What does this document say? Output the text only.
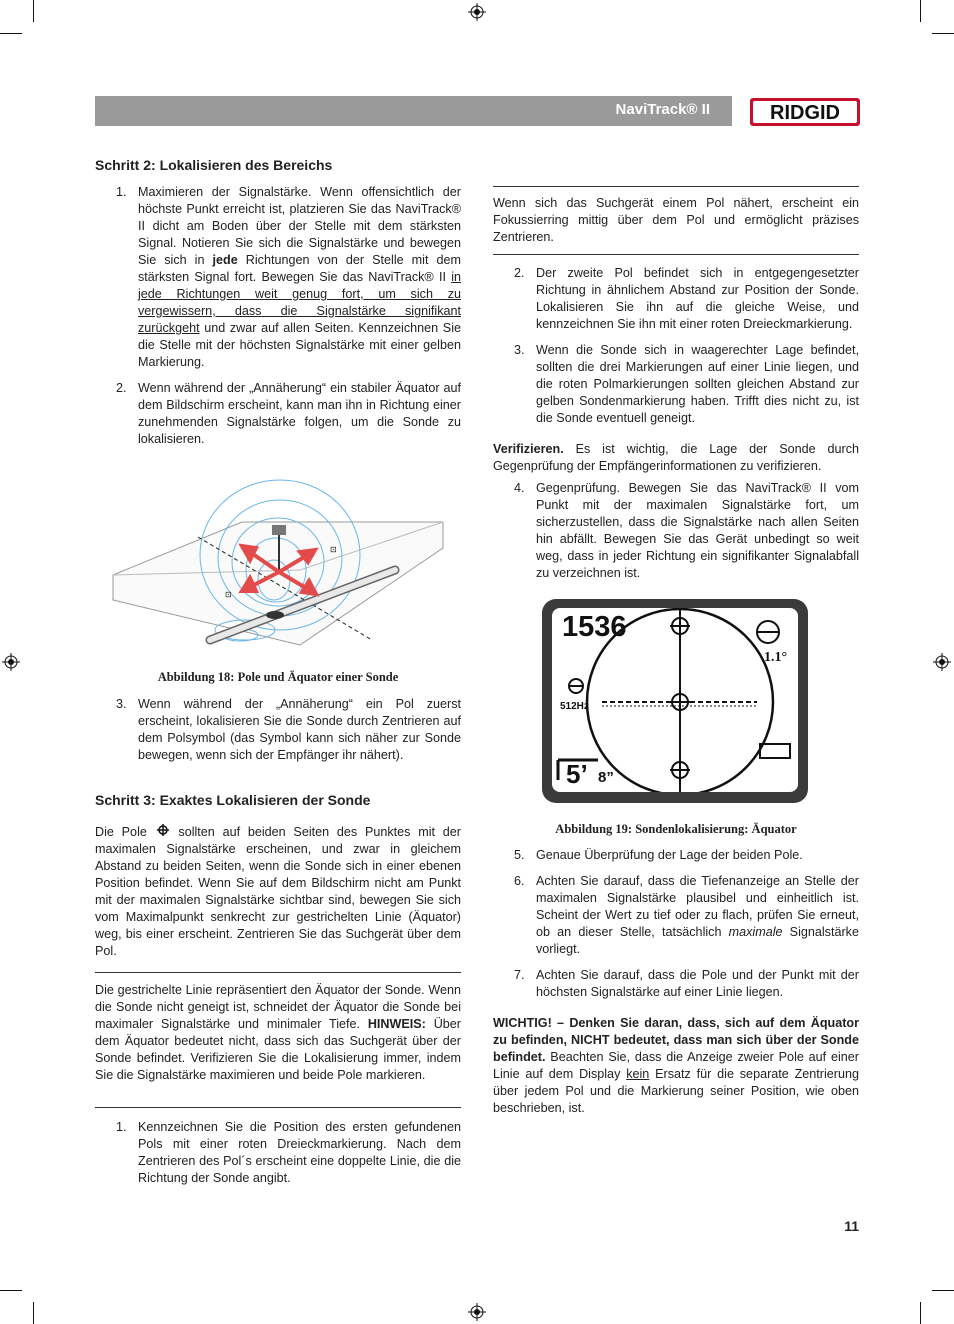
NaviTrack® II	RIDGID
Schritt 2: Lokalisieren des Bereichs
1. Maximieren der Signalstärke. Wenn offensichtlich der höchste Punkt erreicht ist, platzieren Sie das NaviTrack® II dicht am Boden über der Stelle mit dem stärksten Signal. Notieren Sie sich die Signalstärke und bewegen Sie sich in jede Richtungen von der Stelle mit dem stärksten Signal fort. Bewegen Sie das NaviTrack® II in jede Richtungen weit genug fort, um sich zu vergewissern, dass die Signalstärke signifikant zurückgeht und zwar auf allen Seiten. Kennzeichnen Sie die Stelle mit der höchsten Signalstärke mit einer gelben Markierung.
2. Wenn während der „Annäherung“ ein stabiler Äquator auf dem Bildschirm erscheint, kann man ihn in Richtung einer zunehmenden Signalstärke folgen, um die Sonde zu lokalisieren.
⊡
⊡
Abbildung 18: Pole und Äquator einer Sonde
3. Wenn während der „Annäherung“ ein Pol zuerst erscheint, lokalisieren Sie die Sonde durch Zentrieren auf dem Polsymbol (das Symbol kann sich näher zur Sonde bewegen, wenn sich der Empfänger ihr nähert).
Schritt 3: Exaktes Lokalisieren der Sonde

Die Pole	sollten auf beiden Seiten des Punktes mit der maximalen Signalstärke erscheinen, und zwar in gleichem Abstand zu beiden Seiten, wenn die Sonde sich in einer ebenen Position befindet. Wenn Sie auf dem Bildschirm nicht am Punkt mit der maximalen Signalstärke sichtbar sind, bewegen Sie sich vom Maximalpunkt senkrecht zur gestrichelten Linie (Äquator) weg, bis einer erscheint. Zentrieren Sie das Suchgerät über dem Pol.

Die gestrichelte Linie repräsentiert den Äquator der Sonde. Wenn die Sonde nicht geneigt ist, schneidet der Äquator die Sonde bei maximaler Signalstärke und minimaler Tiefe. HINWEIS: Über dem Äquator bedeutet nicht, dass sich das Suchgerät über der Sonde befindet. Verifizieren Sie die Lokalisierung immer, indem Sie die Signalstärke maximieren und beide Pole markieren.

1. Kennzeichnen Sie die Position des ersten gefundenen Pols mit einer roten Dreieckmarkierung. Nach dem Zentrieren des Pol´s erscheint eine doppelte Linie, die die Richtung der Sonde angibt.

Wenn sich das Suchgerät einem Pol nähert, erscheint ein Fokussierring mittig über dem Pol und ermöglicht präzises Zentrieren.

2. Der zweite Pol befindet sich in entgegengesetzter Richtung in ähnlichem Abstand zur Position der Sonde. Lokalisieren Sie ihn auf die gleiche Weise, und kennzeichnen Sie ihn mit einer roten Dreieckmarkierung.
3. Wenn die Sonde sich in waagerechter Lage befindet, sollten die drei Markierungen auf einer Linie liegen, und die roten Polmarkierungen sollten gleichen Abstand zur gelben Sondenmarkierung haben. Trifft dies nicht zu, ist die Sonde eventuell geneigt.

Verifizieren. Es ist wichtig, die Lage der Sonde durch Gegenprüfung der Empfängerinformationen zu verifizieren.

4. Gegenprüfung. Bewegen Sie das NaviTrack® II vom Punkt mit der maximalen Signalstärke fort, um sicherzustellen, dass die Signalstärke nach allen Seiten hin abfällt. Bewegen Sie das Gerät unbedingt so weit weg, dass in jeder Richtung ein signifikanter Signalabfall zu verzeichnen ist.
1536
1.1°
512Hz
5’ 8”
Abbildung 19: Sondenlokalisierung: Äquator
5. Genaue Überprüfung der Lage der beiden Pole.
6. Achten Sie darauf, dass die Tiefenanzeige an Stelle der maximalen Signalstärke plausibel und einheitlich ist. Scheint der Wert zu tief oder zu flach, prüfen Sie erneut, ob an dieser Stelle, tatsächlich maximale Signalstärke vorliegt.
7. Achten Sie darauf, dass die Pole und der Punkt mit der höchsten Signalstärke auf einer Linie liegen.

WICHTIG! – Denken Sie daran, dass, sich auf dem Äquator zu befinden, NICHT bedeutet, dass man sich über der Sonde befindet. Beachten Sie, dass die Anzeige zweier Pole auf einer Linie auf dem Display kein Ersatz für die separate Zentrierung über jedem Pol und die Markierung seiner Position, wie oben beschrieben, ist.

11
